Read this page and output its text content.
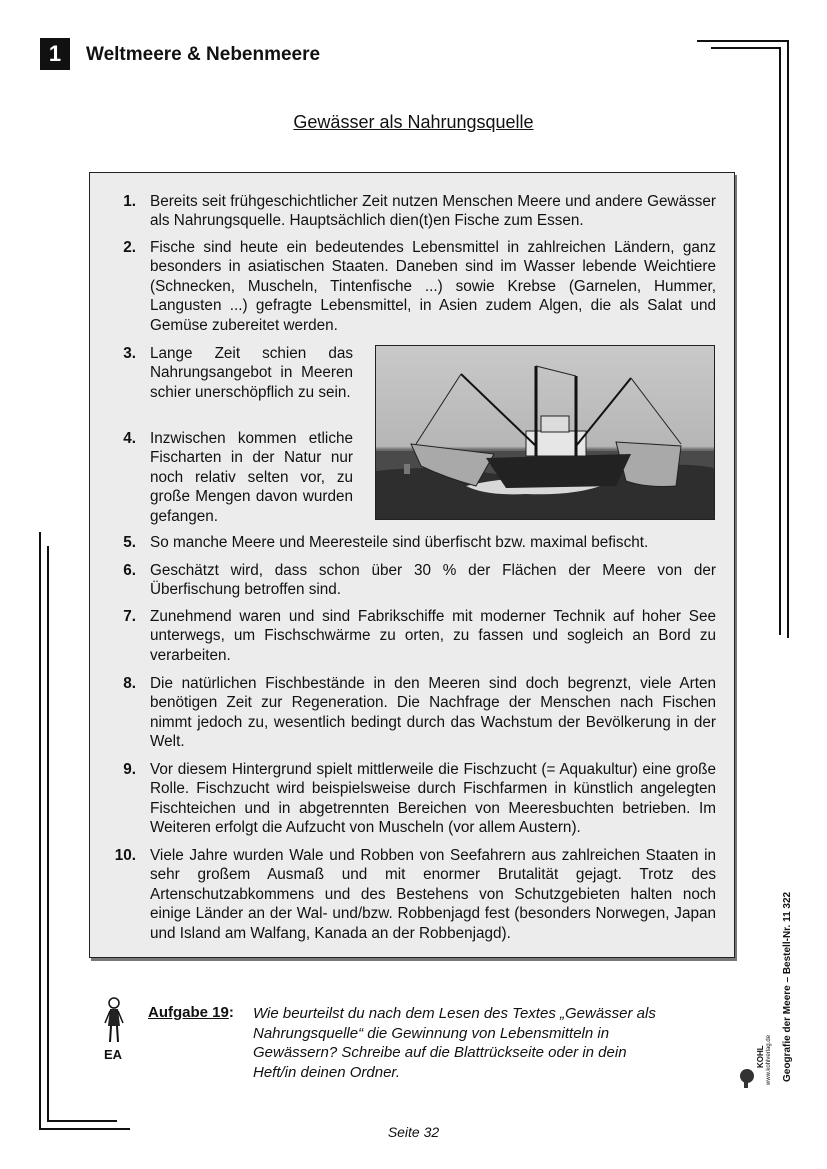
1	Weltmeere & Nebenmeere
Gewässer als Nahrungsquelle
1. Bereits seit frühgeschichtlicher Zeit nutzen Menschen Meere und andere Gewässer als Nahrungsquelle. Hauptsächlich dien(t)en Fische zum Essen.
2. Fische sind heute ein bedeutendes Lebensmittel in zahlreichen Ländern, ganz besonders in asiatischen Staaten. Daneben sind im Wasser lebende Weichtiere (Schnecken, Muscheln, Tintenfische ...) sowie Krebse (Garnelen, Hummer, Langusten ...) gefragte Lebensmittel, in Asien zudem Algen, die als Salat und Gemüse zubereitet werden.
3. Lange Zeit schien das Nahrungsangebot in Meeren schier unerschöpflich zu sein.
4. Inzwischen kommen etliche Fischarten in der Natur nur noch relativ selten vor, zu große Mengen davon wurden gefangen.
5. So manche Meere und Meeresteile sind überfischt bzw. maximal befischt.
6. Geschätzt wird, dass schon über 30 % der Flächen der Meere von der Überfischung betroffen sind.
7. Zunehmend waren und sind Fabrikschiffe mit moderner Technik auf hoher See unterwegs, um Fischschwärme zu orten, zu fassen und sogleich an Bord zu verarbeiten.
8. Die natürlichen Fischbestände in den Meeren sind doch begrenzt, viele Arten benötigen Zeit zur Regeneration. Die Nachfrage der Menschen nach Fischen nimmt jedoch zu, wesentlich bedingt durch das Wachstum der Bevölkerung in der Welt.
9. Vor diesem Hintergrund spielt mittlerweile die Fischzucht (= Aquakultur) eine große Rolle. Fischzucht wird beispielsweise durch Fischfarmen in künstlich angelegten Fischteichen und in abgetrennten Bereichen von Meeresbuchten betrieben. Im Weiteren erfolgt die Aufzucht von Muscheln (vor allem Austern).
10. Viele Jahre wurden Wale und Robben von Seefahrern aus zahlreichen Staaten in sehr großem Ausmaß und mit enormer Brutalität gejagt. Trotz des Artenschutzabkommens und des Bestehens von Schutzgebieten halten noch einige Länder an der Wal- und/bzw. Robbenjagd fest (besonders Norwegen, Japan und Island am Walfang, Kanada an der Robbenjagd).
EA
Aufgabe 19: Wie beurteilst du nach dem Lesen des Textes „Gewässer als Nahrungsquelle“ die Gewinnung von Lebensmitteln in Gewässern? Schreibe auf die Blattrückseite oder in dein Heft/in deinen Ordner.
KOHL www.kohlverlag.de Geografie der Meere – Bestell-Nr. 11 322
Seite 32
